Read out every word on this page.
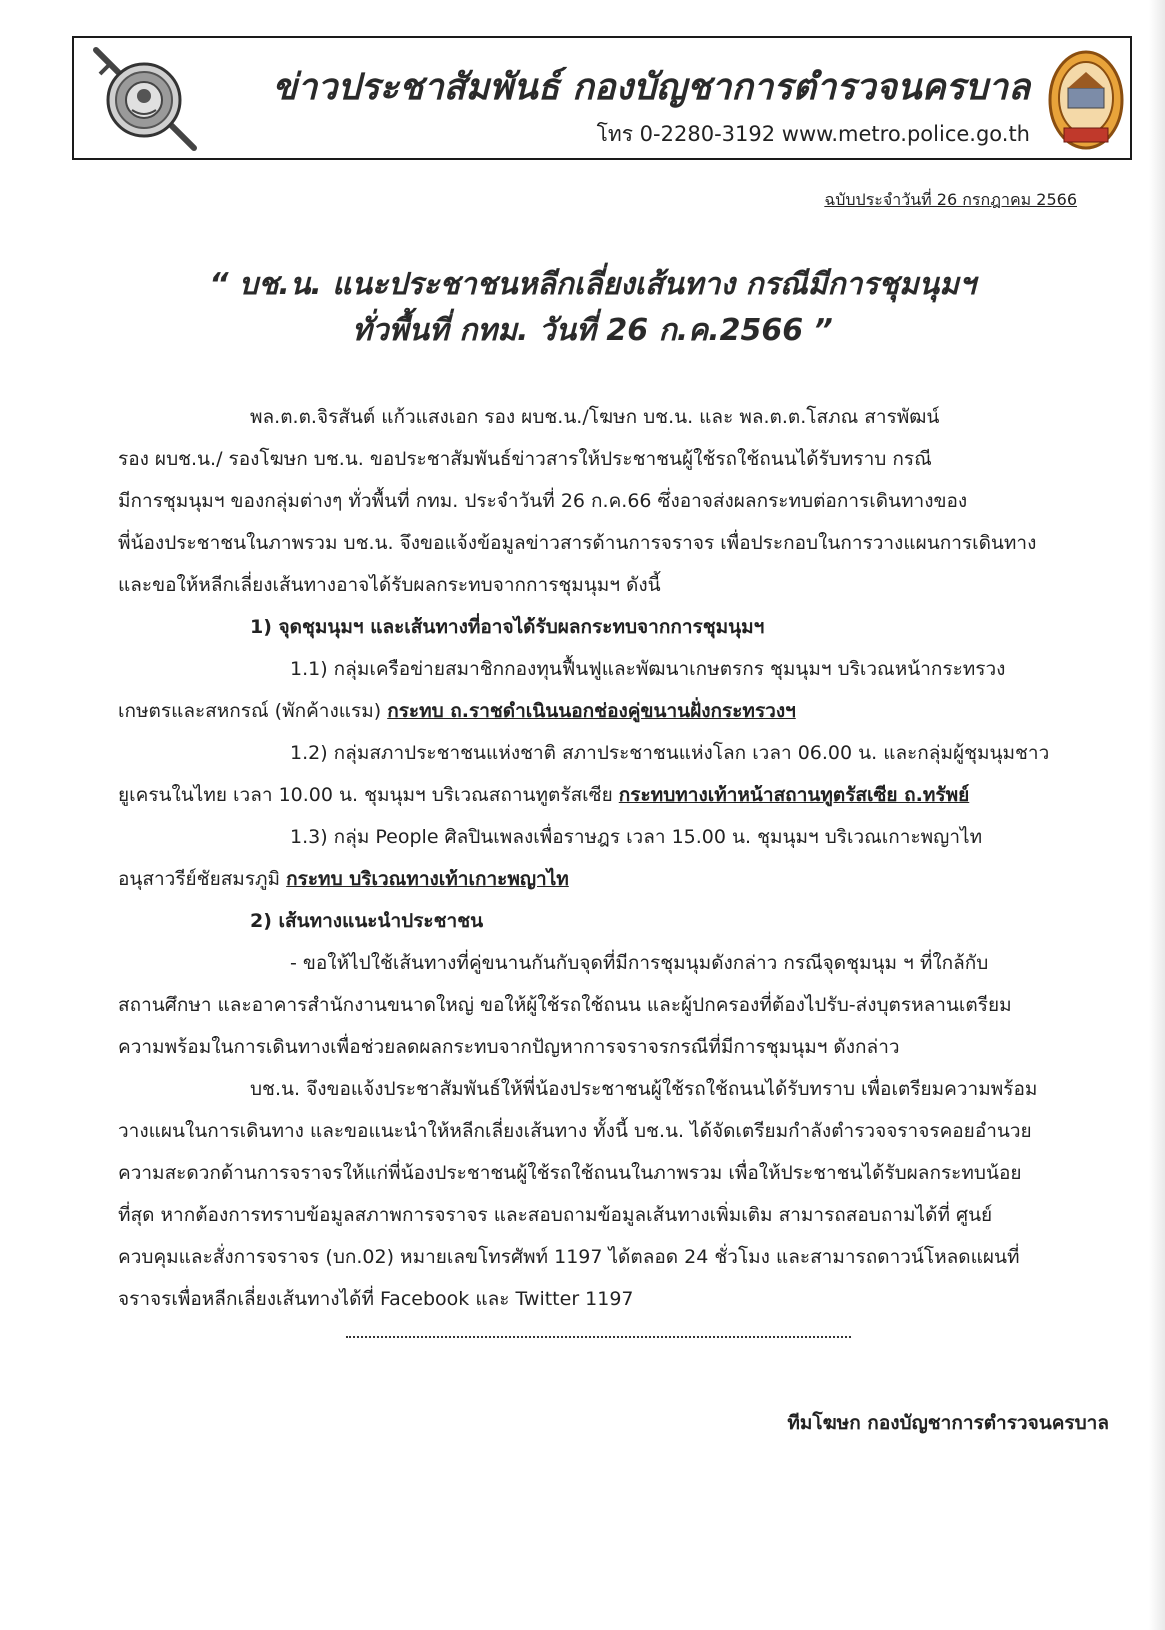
ข่าวประชาสัมพันธ์ กองบัญชาการตำรวจนครบาล
โทร 0-2280-3192 www.metro.police.go.th
ฉบับประจำวันที่ 26 กรกฎาคม 2566
“ บช.น. แนะประชาชนหลีกเลี่ยงเส้นทาง กรณีมีการชุมนุมฯ
ทั่วพื้นที่ กทม. วันที่ 26 ก.ค.2566 ”
พล.ต.ต.จิรสันต์ แก้วแสงเอก รอง ผบช.น./โฆษก บช.น. และ พล.ต.ต.โสภณ สารพัฒน์
รอง ผบช.น./ รองโฆษก บช.น. ขอประชาสัมพันธ์ข่าวสารให้ประชาชนผู้ใช้รถใช้ถนนได้รับทราบ กรณี
มีการชุมนุมฯ ของกลุ่มต่างๆ ทั่วพื้นที่ กทม. ประจำวันที่ 26 ก.ค.66 ซึ่งอาจส่งผลกระทบต่อการเดินทางของ
พี่น้องประชาชนในภาพรวม บช.น. จึงขอแจ้งข้อมูลข่าวสารด้านการจราจร เพื่อประกอบในการวางแผนการเดินทาง
และขอให้หลีกเลี่ยงเส้นทางอาจได้รับผลกระทบจากการชุมนุมฯ ดังนี้
1) จุดชุมนุมฯ และเส้นทางที่อาจได้รับผลกระทบจากการชุมนุมฯ
1.1) กลุ่มเครือข่ายสมาชิกกองทุนฟื้นฟูและพัฒนาเกษตรกร ชุมนุมฯ บริเวณหน้ากระทรวง
เกษตรและสหกรณ์ (พักค้างแรม) กระทบ ถ.ราชดำเนินนอกช่องคู่ขนานฝั่งกระทรวงฯ
1.2) กลุ่มสภาประชาชนแห่งชาติ สภาประชาชนแห่งโลก เวลา 06.00 น. และกลุ่มผู้ชุมนุมชาว
ยูเครนในไทย เวลา 10.00 น. ชุมนุมฯ บริเวณสถานทูตรัสเซีย กระทบทางเท้าหน้าสถานทูตรัสเซีย ถ.ทรัพย์
1.3) กลุ่ม People ศิลปินเพลงเพื่อราษฎร เวลา 15.00 น. ชุมนุมฯ บริเวณเกาะพญาไท
อนุสาวรีย์ชัยสมรภูมิ กระทบ บริเวณทางเท้าเกาะพญาไท
2) เส้นทางแนะนำประชาชน
- ขอให้ไปใช้เส้นทางที่คู่ขนานกันกับจุดที่มีการชุมนุมดังกล่าว กรณีจุดชุมนุม ฯ ที่ใกล้กับ
สถานศึกษา และอาคารสำนักงานขนาดใหญ่ ขอให้ผู้ใช้รถใช้ถนน และผู้ปกครองที่ต้องไปรับ-ส่งบุตรหลานเตรียม
ความพร้อมในการเดินทางเพื่อช่วยลดผลกระทบจากปัญหาการจราจรกรณีที่มีการชุมนุมฯ ดังกล่าว
บช.น. จึงขอแจ้งประชาสัมพันธ์ให้พี่น้องประชาชนผู้ใช้รถใช้ถนนได้รับทราบ เพื่อเตรียมความพร้อม
วางแผนในการเดินทาง และขอแนะนำให้หลีกเลี่ยงเส้นทาง ทั้งนี้ บช.น. ได้จัดเตรียมกำลังตำรวจจราจรคอยอำนวย
ความสะดวกด้านการจราจรให้แก่พี่น้องประชาชนผู้ใช้รถใช้ถนนในภาพรวม เพื่อให้ประชาชนได้รับผลกระทบน้อย
ที่สุด หากต้องการทราบข้อมูลสภาพการจราจร และสอบถามข้อมูลเส้นทางเพิ่มเติม สามารถสอบถามได้ที่ ศูนย์
ควบคุมและสั่งการจราจร (บก.02) หมายเลขโทรศัพท์ 1197 ได้ตลอด 24 ชั่วโมง และสามารถดาวน์โหลดแผนที่
จราจรเพื่อหลีกเลี่ยงเส้นทางได้ที่ Facebook และ Twitter 1197
ทีมโฆษก กองบัญชาการตำรวจนครบาล
